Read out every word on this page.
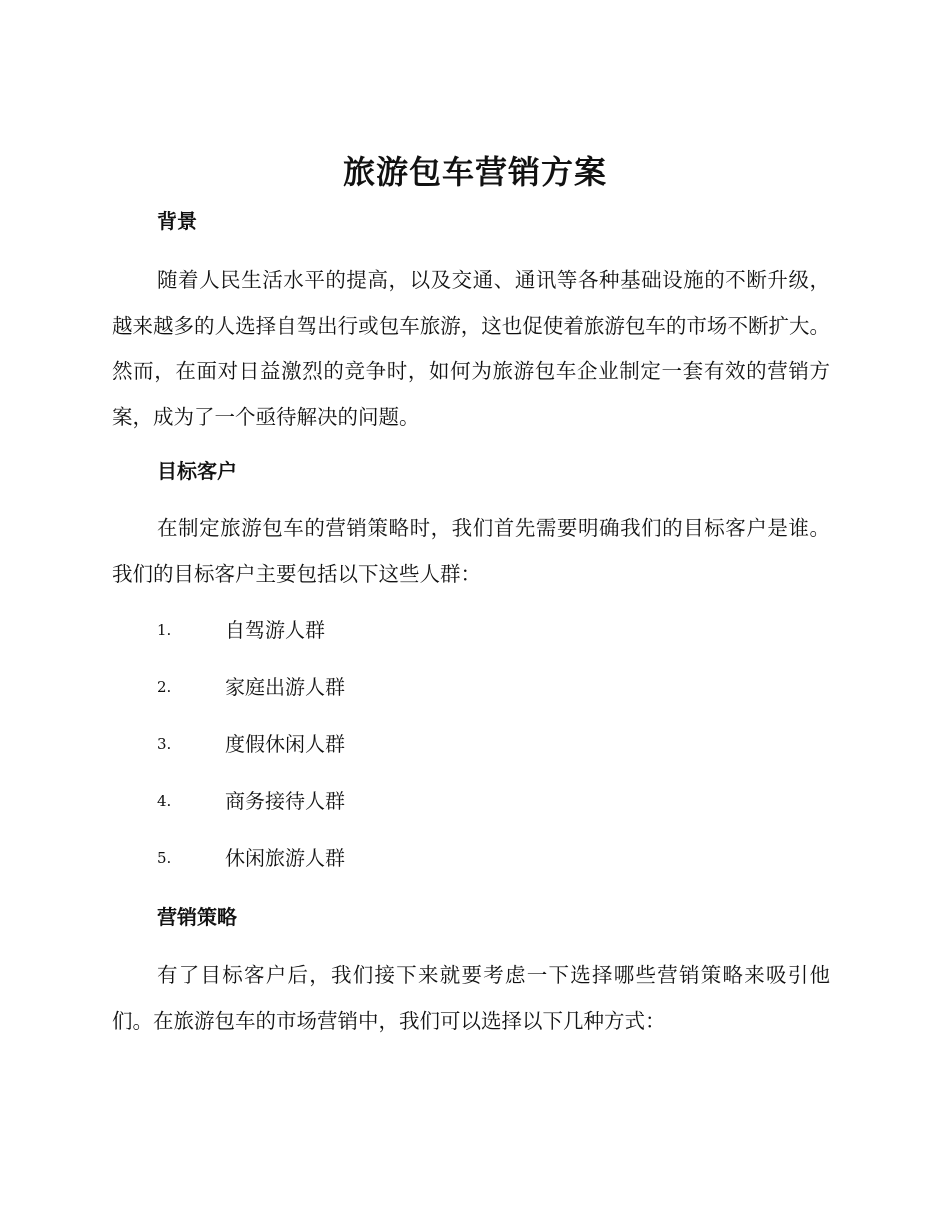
旅游包车营销方案
背景
随着人民生活水平的提高，以及交通、通讯等各种基础设施的不断升级，越来越多的人选择自驾出行或包车旅游，这也促使着旅游包车的市场不断扩大。然而，在面对日益激烈的竞争时，如何为旅游包车企业制定一套有效的营销方案，成为了一个亟待解决的问题。
目标客户
在制定旅游包车的营销策略时，我们首先需要明确我们的目标客户是谁。我们的目标客户主要包括以下这些人群：
1.	自驾游人群
2.	家庭出游人群
3.	度假休闲人群
4.	商务接待人群
5.	休闲旅游人群
营销策略
有了目标客户后，我们接下来就要考虑一下选择哪些营销策略来吸引他们。在旅游包车的市场营销中，我们可以选择以下几种方式：
